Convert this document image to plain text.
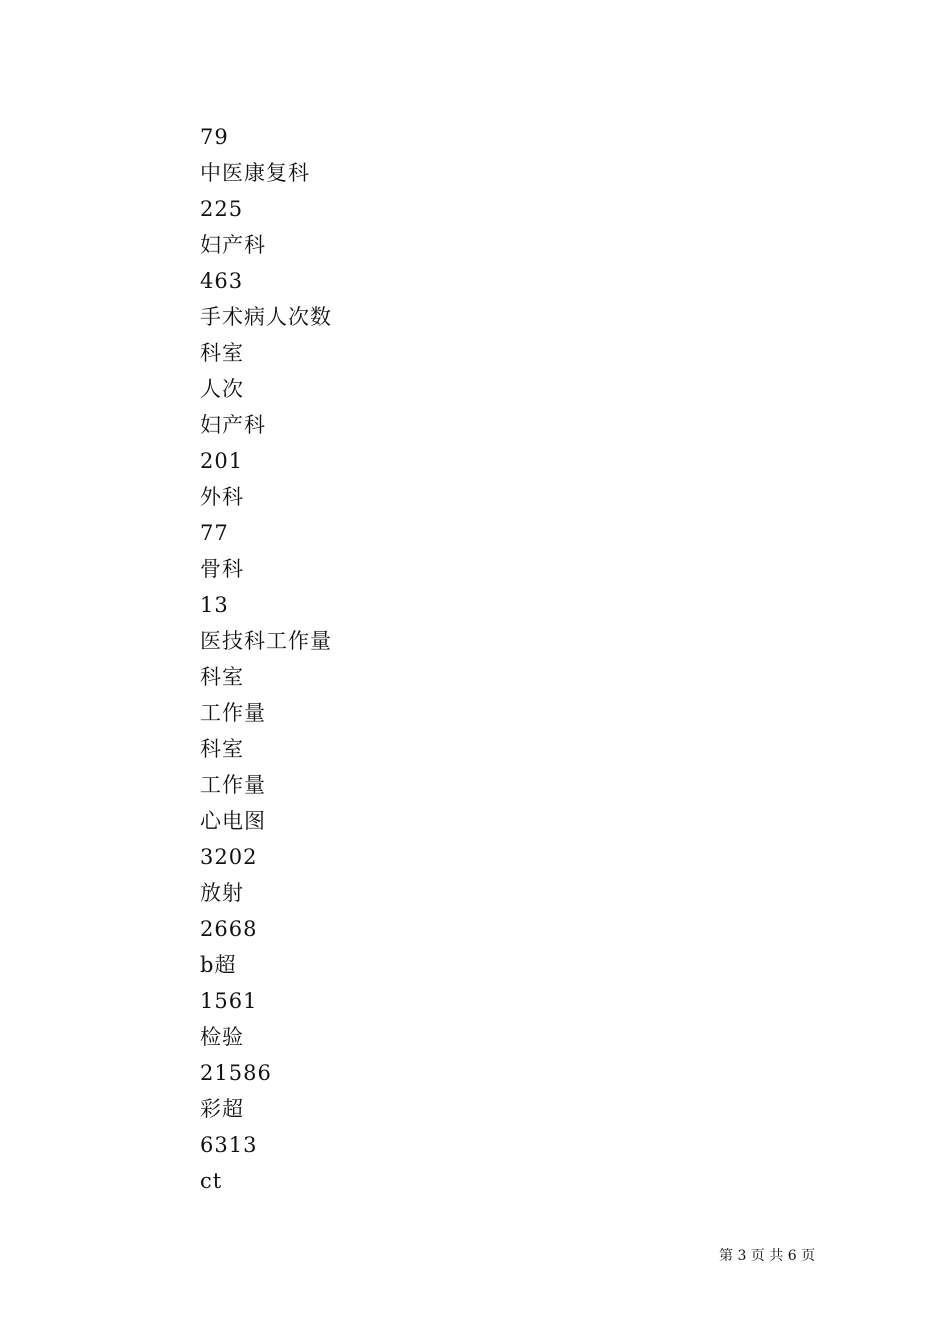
79
中医康复科
225
妇产科
463
手术病人次数
科室
人次
妇产科
201
外科
77
骨科
13
医技科工作量
科室
工作量
科室
工作量
心电图
3202
放射
2668
b超
1561
检验
21586
彩超
6313
ct
第 3 页 共 6 页
